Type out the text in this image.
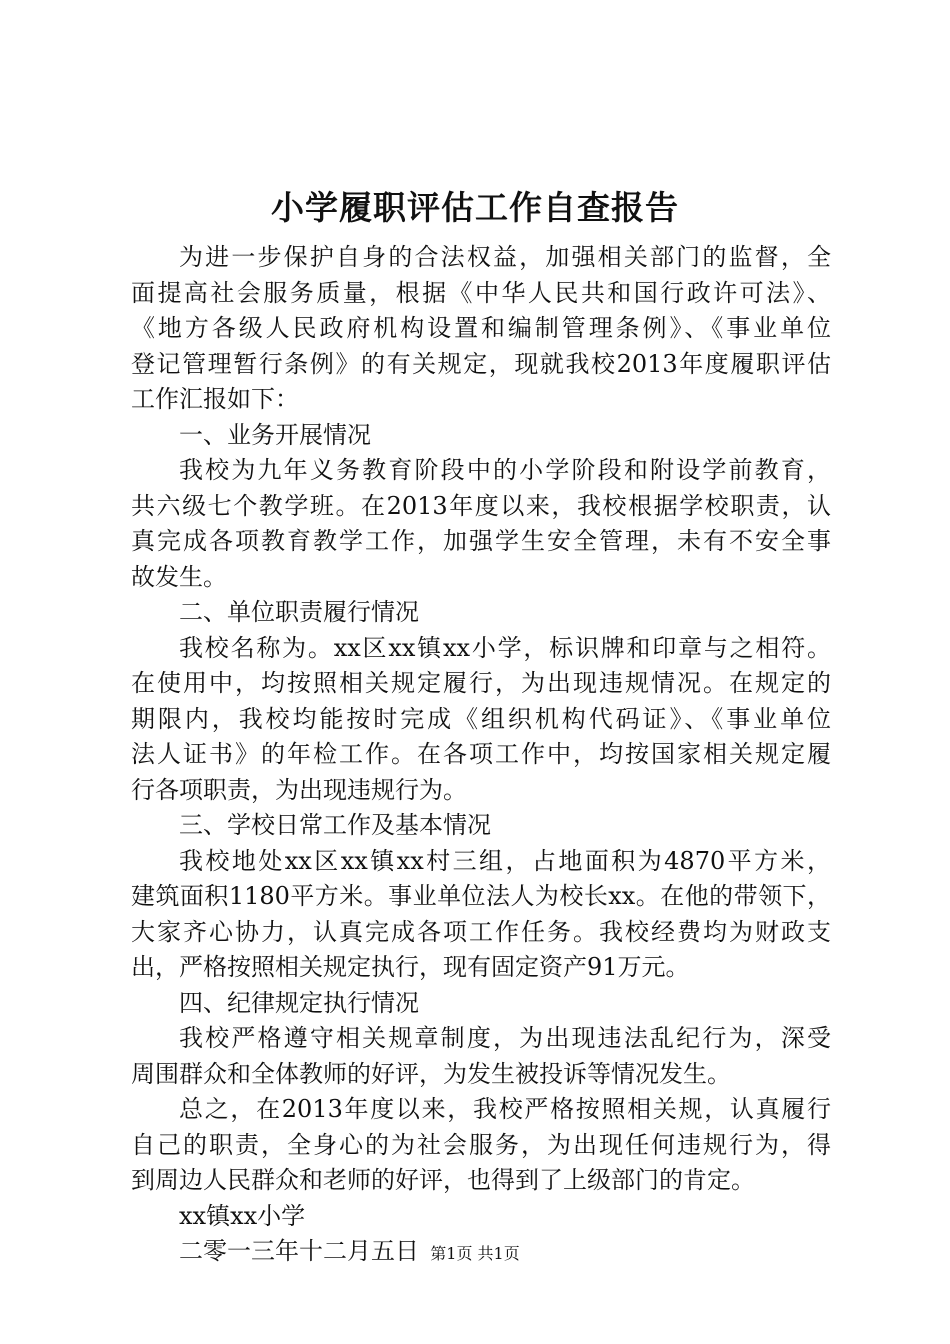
小学履职评估工作自查报告
为进一步保护自身的合法权益，加强相关部门的监督，全
面提高社会服务质量，根据《中华人民共和国行政许可法》、
《地方各级人民政府机构设置和编制管理条例》、《事业单位
登记管理暂行条例》的有关规定，现就我校2013年度履职评估
工作汇报如下：
一、业务开展情况
我校为九年义务教育阶段中的小学阶段和附设学前教育，
共六级七个教学班。在2013年度以来，我校根据学校职责，认
真完成各项教育教学工作，加强学生安全管理，未有不安全事
故发生。
二、单位职责履行情况
我校名称为。xx区xx镇xx小学，标识牌和印章与之相符。
在使用中，均按照相关规定履行，为出现违规情况。在规定的
期限内，我校均能按时完成《组织机构代码证》、《事业单位
法人证书》的年检工作。在各项工作中，均按国家相关规定履
行各项职责，为出现违规行为。
三、学校日常工作及基本情况
我校地处xx区xx镇xx村三组，占地面积为4870平方米，
建筑面积1180平方米。事业单位法人为校长xx。在他的带领下，
大家齐心协力，认真完成各项工作任务。我校经费均为财政支
出，严格按照相关规定执行，现有固定资产91万元。
四、纪律规定执行情况
我校严格遵守相关规章制度，为出现违法乱纪行为，深受
周围群众和全体教师的好评，为发生被投诉等情况发生。
总之，在2013年度以来，我校严格按照相关规，认真履行
自己的职责，全身心的为社会服务，为出现任何违规行为，得
到周边人民群众和老师的好评，也得到了上级部门的肯定。
xx镇xx小学
二零一三年十二月五日 第1页 共1页
